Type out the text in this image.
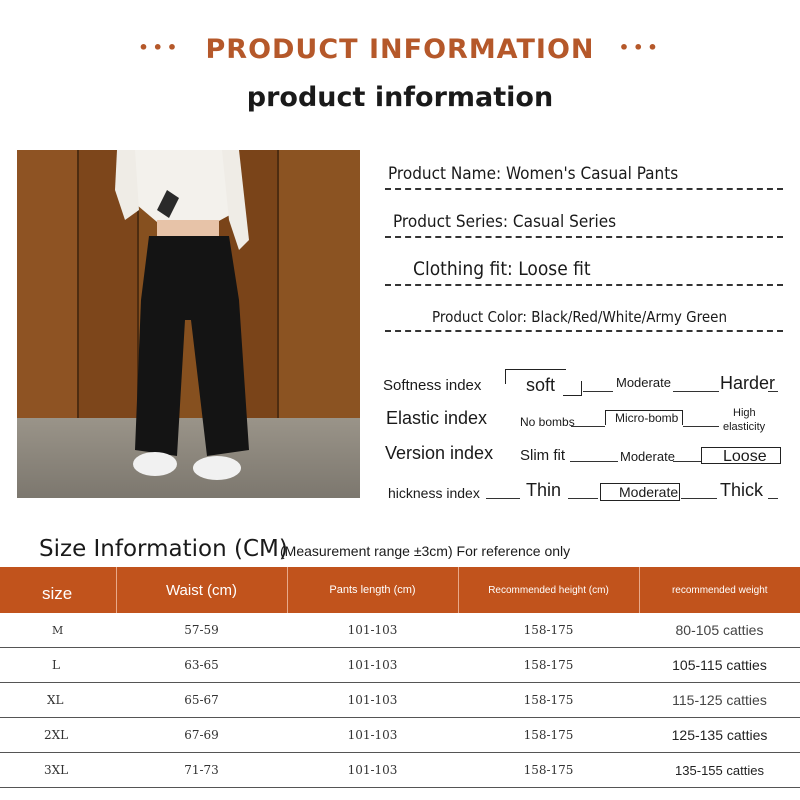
••• PRODUCT INFORMATION •••
product information
Product Name: Women's Casual Pants
Product Series: Casual Series
Clothing fit: Loose fit
Product Color: Black/Red/White/Army Green
Softness index soft	Moderate	Harder
Elastic index	No bombs	Micro-bomb	High
elasticity
Version index Slim fit	Moderate	Loose
hickness index	Thin	Moderate Thick
Size Information (CM)
(Measurement range ±3cm) For reference only
size	Waist (cm)	Pants length (cm)	Recommended height (cm)	recommended weight
M	57-59	101-103	158-175	80-105 catties
L	63-65	101-103	158-175	105-115 catties
XL	65-67	101-103	158-175	115-125 catties
2XL	67-69	101-103	158-175	125-135 catties
3XL	71-73	101-103	158-175	135-155 catties
